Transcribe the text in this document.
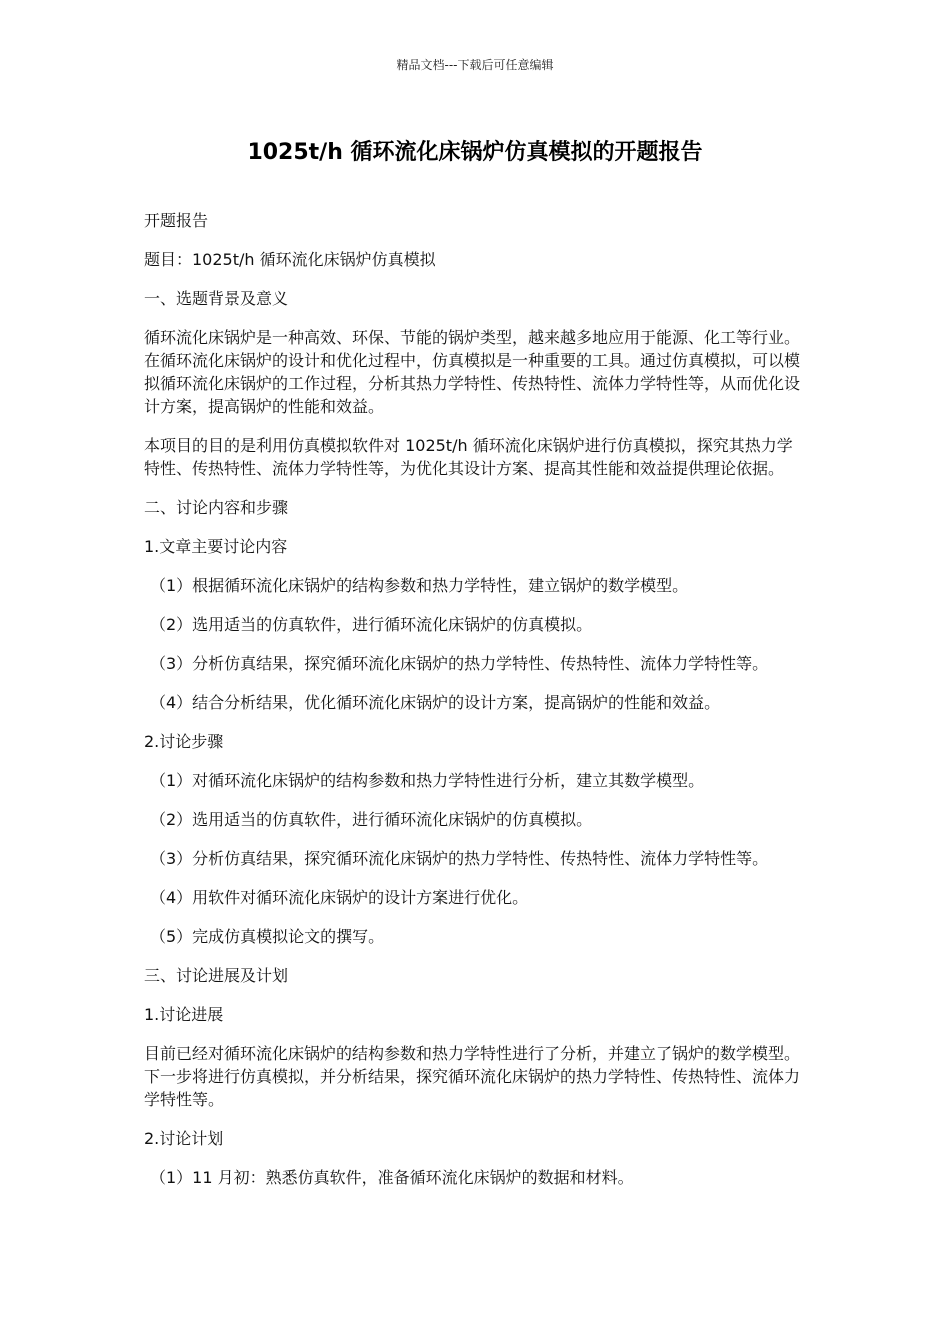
精品文档---下载后可任意编辑
1025t/h 循环流化床锅炉仿真模拟的开题报告

开题报告

题目：1025t/h 循环流化床锅炉仿真模拟

一、选题背景及意义

循环流化床锅炉是一种高效、环保、节能的锅炉类型，越来越多地应用于能源、化工等行业。在循环流化床锅炉的设计和优化过程中，仿真模拟是一种重要的工具。通过仿真模拟，可以模拟循环流化床锅炉的工作过程，分析其热力学特性、传热特性、流体力学特性等，从而优化设计方案，提高锅炉的性能和效益。

本项目的目的是利用仿真模拟软件对 1025t/h 循环流化床锅炉进行仿真模拟，探究其热力学特性、传热特性、流体力学特性等，为优化其设计方案、提高其性能和效益提供理论依据。

二、讨论内容和步骤

1.文章主要讨论内容

（1）根据循环流化床锅炉的结构参数和热力学特性，建立锅炉的数学模型。

（2）选用适当的仿真软件，进行循环流化床锅炉的仿真模拟。

（3）分析仿真结果，探究循环流化床锅炉的热力学特性、传热特性、流体力学特性等。

（4）结合分析结果，优化循环流化床锅炉的设计方案，提高锅炉的性能和效益。

2.讨论步骤

（1）对循环流化床锅炉的结构参数和热力学特性进行分析，建立其数学模型。

（2）选用适当的仿真软件，进行循环流化床锅炉的仿真模拟。

（3）分析仿真结果，探究循环流化床锅炉的热力学特性、传热特性、流体力学特性等。

（4）用软件对循环流化床锅炉的设计方案进行优化。

（5）完成仿真模拟论文的撰写。

三、讨论进展及计划

1.讨论进展

目前已经对循环流化床锅炉的结构参数和热力学特性进行了分析，并建立了锅炉的数学模型。下一步将进行仿真模拟，并分析结果，探究循环流化床锅炉的热力学特性、传热特性、流体力学特性等。

2.讨论计划

（1）11 月初：熟悉仿真软件，准备循环流化床锅炉的数据和材料。
